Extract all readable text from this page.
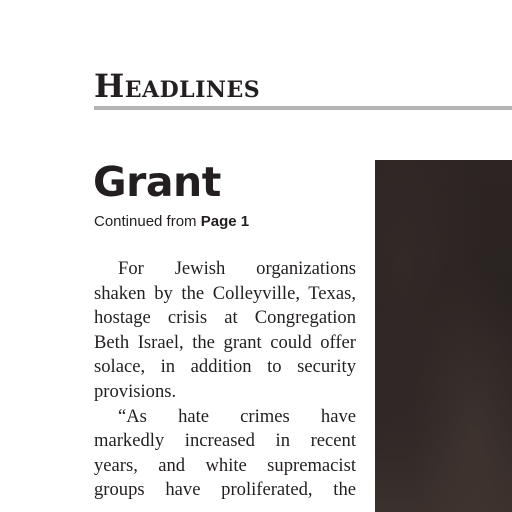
Headlines
Grant
Continued from Page 1
For Jewish organizations
shaken by the Colleyville, Texas,
hostage crisis at Congregation
Beth Israel, the grant could offer
solace, in addition to security
provisions.
“As hate crimes have
markedly increased in recent
years, and white supremacist
groups have proliferated, the
